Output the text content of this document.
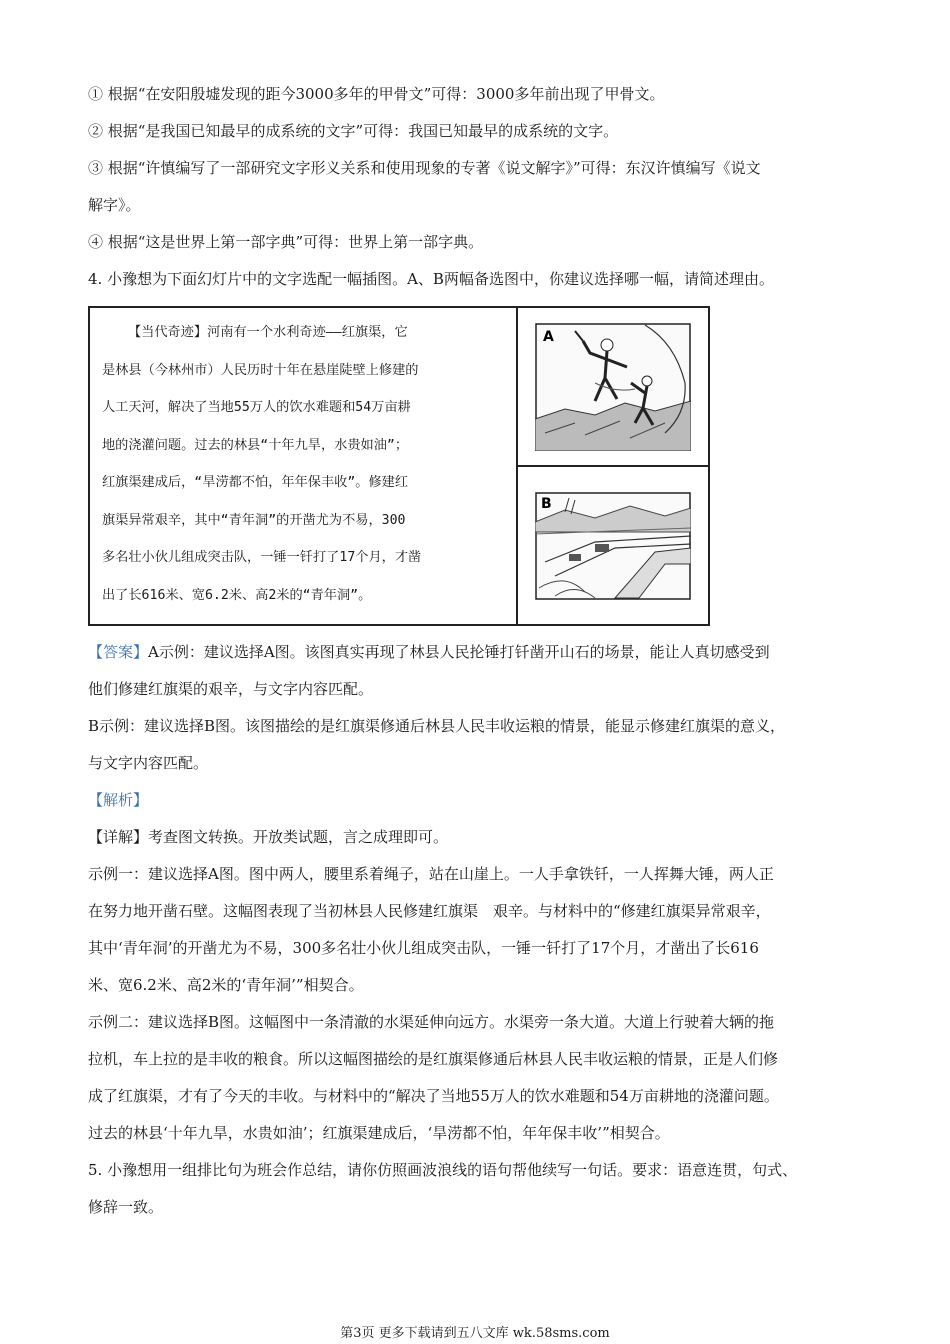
① 根据“在安阳殷墟发现的距今3000多年的甲骨文”可得：3000多年前出现了甲骨文。
② 根据“是我国已知最早的成系统的文字”可得：我国已知最早的成系统的文字。
③ 根据“许慎编写了一部研究文字形义关系和使用现象的专著《说文解字》”可得：东汉许慎编写《说文
解字》。
④ 根据“这是世界上第一部字典”可得：世界上第一部字典。
4. 小豫想为下面幻灯片中的文字选配一幅插图。A、B两幅备选图中，你建议选择哪一幅，请简述理由。
【当代奇迹】河南有一个水利奇迹——红旗渠，它
是林县（今林州市）人民历时十年在悬崖陡壁上修建的
人工天河，解决了当地55万人的饮水难题和54万亩耕
地的浇灌问题。过去的林县“十年九旱，水贵如油”；
红旗渠建成后，“旱涝都不怕，年年保丰收”。修建红
旗渠异常艰辛，其中“青年洞”的开凿尤为不易，300
多名壮小伙儿组成突击队，一锤一钎打了17个月，才凿
出了长616米、宽6.2米、高2米的“青年洞”。

A

B
【答案】A示例：建议选择A图。该图真实再现了林县人民抡锤打钎凿开山石的场景，能让人真切感受到
他们修建红旗渠的艰辛，与文字内容匹配。
B示例：建议选择B图。该图描绘的是红旗渠修通后林县人民丰收运粮的情景，能显示修建红旗渠的意义，
与文字内容匹配。
【解析】
【详解】考查图文转换。开放类试题，言之成理即可。
示例一：建议选择A图。图中两人，腰里系着绳子，站在山崖上。一人手拿铁钎，一人挥舞大锤，两人正
在努力地开凿石壁。这幅图表现了当初林县人民修建红旗渠　艰辛。与材料中的“修建红旗渠异常艰辛，
其中‘青年洞’的开凿尤为不易，300多名壮小伙儿组成突击队，一锤一钎打了17个月，才凿出了长616
米、宽6.2米、高2米的‘青年洞’”相契合。
示例二：建议选择B图。这幅图中一条清澈的水渠延伸向远方。水渠旁一条大道。大道上行驶着大辆的拖
拉机，车上拉的是丰收的粮食。所以这幅图描绘的是红旗渠修通后林县人民丰收运粮的情景，正是人们修
成了红旗渠，才有了今天的丰收。与材料中的“解决了当地55万人的饮水难题和54万亩耕地的浇灌问题。
过去的林县‘十年九旱，水贵如油’；红旗渠建成后，‘旱涝都不怕，年年保丰收’”相契合。
5. 小豫想用一组排比句为班会作总结，请你仿照画波浪线的语句帮他续写一句话。要求：语意连贯，句式、
修辞一致。
第3页 更多下载请到五八文库 wk.58sms.com
